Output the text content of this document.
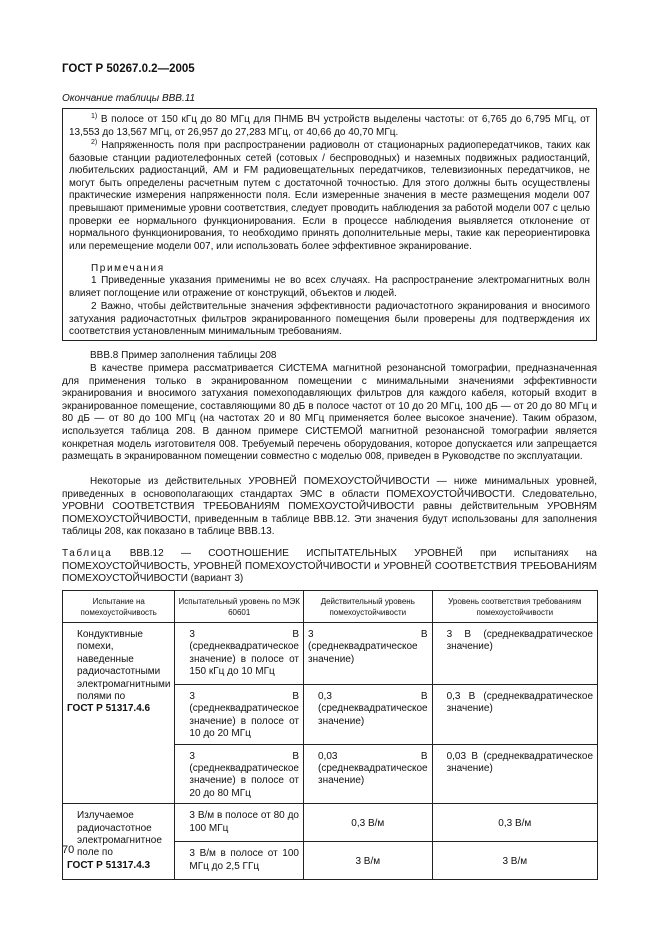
ГОСТ Р 50267.0.2—2005
Окончание таблицы ВВВ.11

$^{1)}$ В полосе от 150 кГц до 80 МГц для ПНМБ ВЧ устройств выделены частоты: от 6,765 до 6,795 МГц, от 13,553 до 13,567 МГц, от 26,957 до 27,283 МГц, от 40,66 до 40,70 МГц.

$^{2)}$ Напряженность поля при распространении радиоволн от стационарных радиопередатчиков, таких как базовые станции радиотелефонных сетей (сотовых / беспроводных) и наземных подвижных радиостанций, любительских радиостанций, АМ и FM радиовещательных передатчиков, телевизионных передатчиков, не могут быть определены расчетным путем с достаточной точностью. Для этого должны быть осуществлены практические измерения напряженности поля. Если измеренные значения в месте размещения модели 007 превышают применимые уровни соответствия, следует проводить наблюдения за работой модели 007 с целью проверки ее нормального функционирования. Если в процессе наблюдения выявляется отклонение от нормального функционирования, то необходимо принять дополнительные меры, такие как переориентировка или перемещение модели 007, или использовать более эффективное экранирование.

Примечания

1 Приведенные указания применимы не во всех случаях. На распространение электромагнитных волн влияет поглощение или отражение от конструкций, объектов и людей.

2 Важно, чтобы действительные значения эффективности радиочастотного экранирования и вносимого затухания радиочастотных фильтров экранированного помещения были проверены для подтверждения их соответствия установленным минимальным требованиям.

ВВВ.8 Пример заполнения таблицы 208

В качестве примера рассматривается СИСТЕМА магнитной резонансной томографии, предназначенная для применения только в экранированном помещении с минимальными значениями эффективности экранирования и вносимого затухания помехоподавляющих фильтров для каждого кабеля, который входит в экранированное помещение, составляющими 80 дБ в полосе частот от 10 до 20 МГц, 100 дБ — от 20 до 80 МГц и 80 дБ — от 80 до 100 МГц (на частотах 20 и 80 МГц применяется более высокое значение). Таким образом, используется таблица 208. В данном примере СИСТЕМОЙ магнитной резонансной томографии является конкретная модель изготовителя 008. Требуемый перечень оборудования, которое допускается или запрещается размещать в экранированном помещении совместно с моделью 008, приведен в Руководстве по эксплуатации.

Некоторые из действительных УРОВНЕЙ ПОМЕХОУСТОЙЧИВОСТИ — ниже минимальных уровней, приведенных в основополагающих стандартах ЭМС в области ПОМЕХОУСТОЙЧИВОСТИ. Следовательно, УРОВНИ СООТВЕТСТВИЯ ТРЕБОВАНИЯМ ПОМЕХОУСТОЙЧИВОСТИ равны действительным УРОВНЯМ ПОМЕХОУСТОЙЧИВОСТИ, приведенным в таблице ВВВ.12. Эти значения будут использованы для заполнения таблицы 208, как показано в таблице ВВВ.13.

Таблица ВВВ.12 — СООТНОШЕНИЕ ИСПЫТАТЕЛЬНЫХ УРОВНЕЙ при испытаниях на ПОМЕХОУСТОЙЧИВОСТЬ, УРОВНЕЙ ПОМЕХОУСТОЙЧИВОСТИ и УРОВНЕЙ СООТВЕТСТВИЯ ТРЕБОВАНИЯМ ПОМЕХОУСТОЙЧИВОСТИ (вариант 3)

Испытание на помехоустойчивость	Испытательный уровень по МЭК 60601	Действительный уровень помехоустойчивости	Уровень соответствия требованиям помехоустойчивости

Кондуктивные помехи, наведенные радиочастотными электромагнитными полями по
ГОСТ Р 51317.4.6	3 В (среднеквадратическое значение) в полосе от 150 кГц до 10 МГц	3 В (среднеквадратическое значение)	3 В (среднеквадратическое значение)

	3 В (среднеквадратическое значение) в полосе от 10 до 20 МГц	0,3 В (среднеквадратическое значение)	0,3 В (среднеквадратическое значение)

	3 В (среднеквадратическое значение) в полосе от 20 до 80 МГц	0,03 В (среднеквадратическое значение)	0,03 В (среднеквадратическое значение)

Излучаемое радиочастотное электромагнитное поле по
ГОСТ Р 51317.4.3	3 В/м в полосе от 80 до 100 МГц	0,3 В/м	0,3 В/м

	3 В/м в полосе от 100 МГц до 2,5 ГГц	3 В/м	3 В/м
70
